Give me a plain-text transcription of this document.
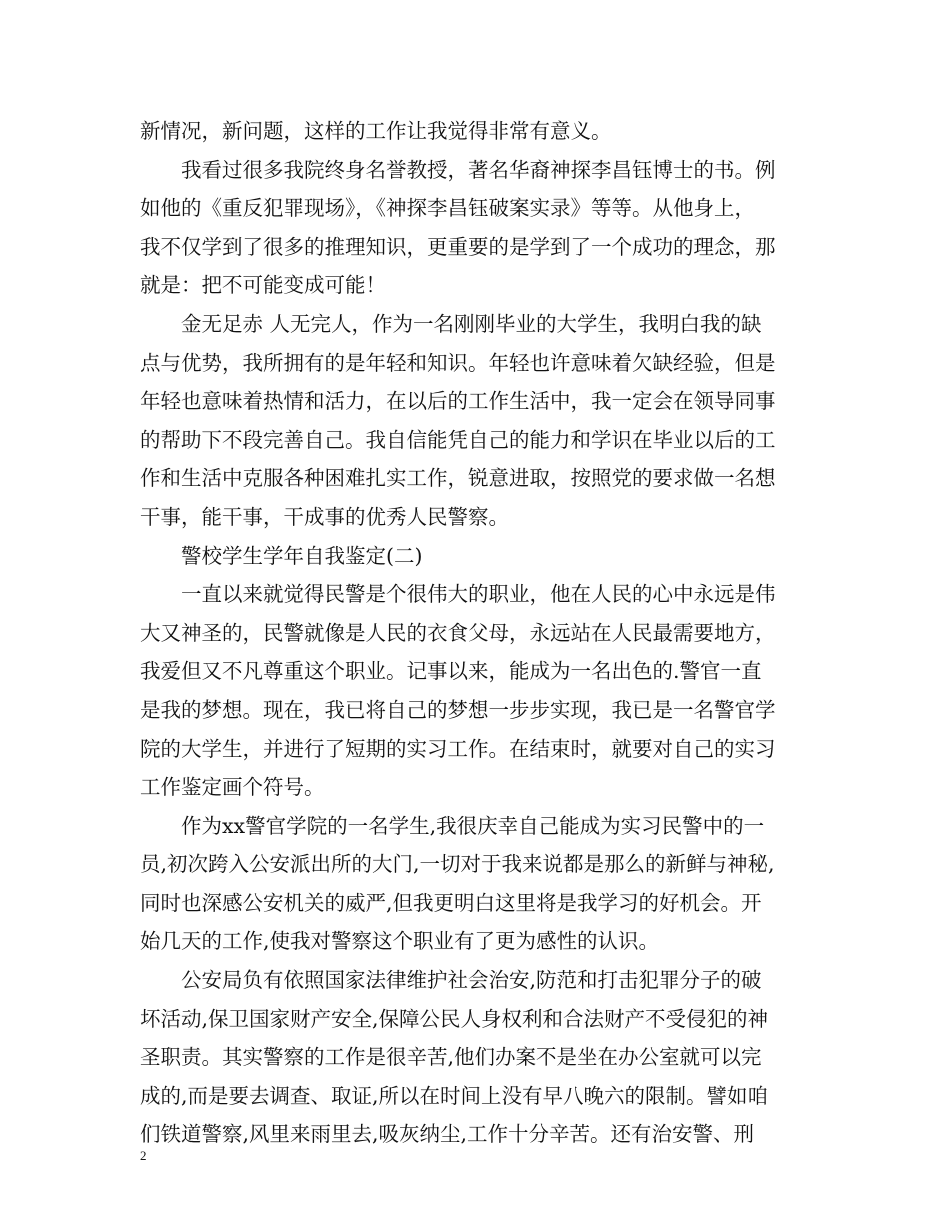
新情况，新问题，这样的工作让我觉得非常有意义。
我看过很多我院终身名誉教授，著名华裔神探李昌钰博士的书。例
如他的《重反犯罪现场》，《神探李昌钰破案实录》等等。从他身上，
我不仅学到了很多的推理知识，更重要的是学到了一个成功的理念，那
就是：把不可能变成可能！
金无足赤 人无完人，作为一名刚刚毕业的大学生，我明白我的缺
点与优势，我所拥有的是年轻和知识。年轻也许意味着欠缺经验，但是
年轻也意味着热情和活力，在以后的工作生活中，我一定会在领导同事
的帮助下不段完善自己。我自信能凭自己的能力和学识在毕业以后的工
作和生活中克服各种困难扎实工作，锐意进取，按照党的要求做一名想
干事，能干事，干成事的优秀人民警察。
警校学生学年自我鉴定(二)
一直以来就觉得民警是个很伟大的职业，他在人民的心中永远是伟
大又神圣的，民警就像是人民的衣食父母，永远站在人民最需要地方，
我爱但又不凡尊重这个职业。记事以来，能成为一名出色的.警官一直
是我的梦想。现在，我已将自己的梦想一步步实现，我已是一名警官学
院的大学生，并进行了短期的实习工作。在结束时，就要对自己的实习
工作鉴定画个符号。
作为xx警官学院的一名学生,我很庆幸自己能成为实习民警中的一
员,初次跨入公安派出所的大门,一切对于我来说都是那么的新鲜与神秘,
同时也深感公安机关的威严,但我更明白这里将是我学习的好机会。开
始几天的工作,使我对警察这个职业有了更为感性的认识。
公安局负有依照国家法律维护社会治安,防范和打击犯罪分子的破
坏活动,保卫国家财产安全,保障公民人身权利和合法财产不受侵犯的神
圣职责。其实警察的工作是很辛苦,他们办案不是坐在办公室就可以完
成的,而是要去调查、取证,所以在时间上没有早八晚六的限制。譬如咱
们铁道警察,风里来雨里去,吸灰纳尘,工作十分辛苦。还有治安警、刑
2
